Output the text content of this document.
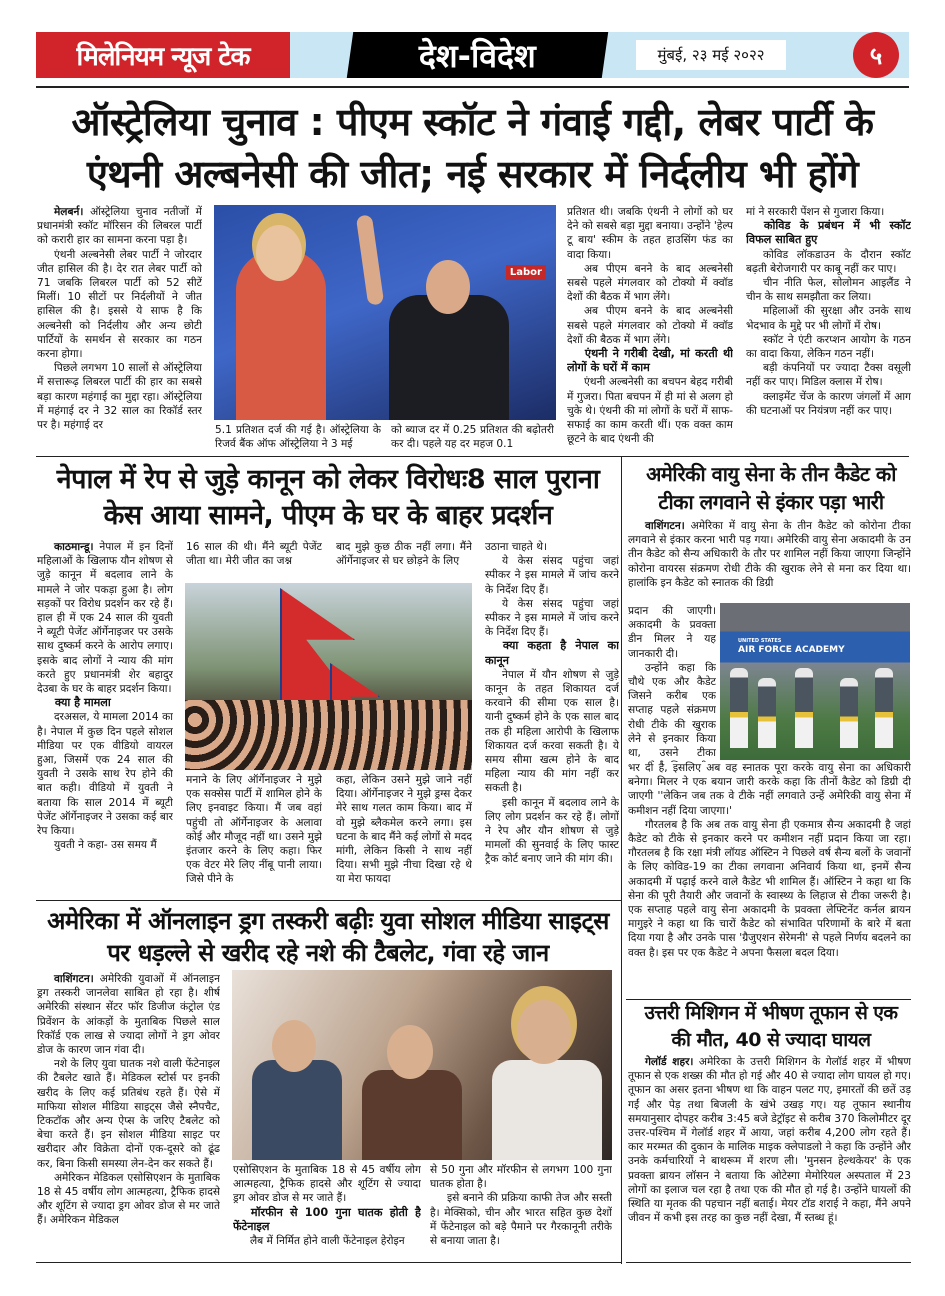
मिलेनियम न्यूज टेक	देश-विदेश	मुंबई, २३ मई २०२२	५
ऑस्ट्रेलिया चुनाव : पीएम स्कॉट ने गंवाई गद्दी, लेबर पार्टी के
एंथनी अल्बनेसी की जीत; नई सरकार में निर्दलीय भी होंगे

मेलबर्न। ऑस्ट्रेलिया चुनाव नतीजों में प्रधानमंत्री स्कॉट मॉरिसन की लिबरल पार्टी को करारी हार का सामना करना पड़ा है।

एंथनी अल्बनेसी लेबर पार्टी ने जोरदार जीत हासिल की है। देर रात लेबर पार्टी को 71 जबकि लिबरल पार्टी को 52 सीटें मिलीं। 10 सीटों पर निर्दलीयों ने जीत हासिल की है। इससे ये साफ है कि अल्बनेसी को निर्दलीय और अन्य छोटी पार्टियों के समर्थन से सरकार का गठन करना होगा।

पिछले लगभग 10 सालों से ऑस्ट्रेलिया में सत्तारूढ़ लिबरल पार्टी की हार का सबसे बड़ा कारण महंगाई का मुद्दा रहा। ऑस्ट्रेलिया में महंगाई दर ने 32 साल का रिकॉर्ड स्तर पर है। महंगाई दर

Labor

5.1 प्रतिशत दर्ज की गई है। ऑस्ट्रेलिया के रिजर्व बैंक ऑफ ऑस्ट्रेलिया ने 3 मई

को ब्याज दर में 0.25 प्रतिशत की बढ़ोतरी कर दी। पहले यह दर महज 0.1

प्रतिशत थी। जबकि एंथनी ने लोगों को घर देने को सबसे बड़ा मुद्दा बनाया। उन्होंने 'हेल्प टू बाय' स्कीम के तहत हाउसिंग फंड का वादा किया।

अब पीएम बनने के बाद अल्बनेसी सबसे पहले मंगलवार को टोक्यो में क्वॉड देशों की बैठक में भाग लेंगे।

अब पीएम बनने के बाद अल्बनेसी सबसे पहले मंगलवार को टोक्यो में क्वॉड देशों की बैठक में भाग लेंगे।

एंथनी ने गरीबी देखी, मां करती थी लोगों के घरों में काम

एंथनी अल्बनेसी का बचपन बेहद गरीबी में गुजरा। पिता बचपन में ही मां से अलग हो चुके थे। एंथनी की मां लोगों के घरों में साफ-सफाई का काम करती थीं। एक वक्त काम छूटने के बाद एंथनी की

मां ने सरकारी पेंशन से गुजारा किया।

कोविड के प्रबंधन में भी स्कॉट विफल साबित हुए

कोविड लॉकडाउन के दौरान स्कॉट बढ़ती बेरोजगारी पर काबू नहीं कर पाए।

चीन नीति फेल, सोलोमन आइलैंड ने चीन के साथ समझौता कर लिया।

महिलाओं की सुरक्षा और उनके साथ भेदभाव के मुद्दे पर भी लोगों में रोष।

स्कॉट ने एंटी करप्शन आयोग के गठन का वादा किया, लेकिन गठन नहीं।

बड़ी कंपनियों पर ज्यादा टैक्स वसूली नहीं कर पाए। मिडिल क्लास में रोष।

क्लाइमेंट चेंज के कारण जंगलों में आग की घटनाओं पर नियंत्रण नहीं कर पाए।

नेपाल में रेप से जुड़े कानून को लेकर विरोधः8 साल पुराना
केस आया सामने, पीएम के घर के बाहर प्रदर्शन

काठमान्डू। नेपाल में इन दिनों महिलाओं के खिलाफ यौन शोषण से जुड़े कानून में बदलाव लाने के मामले ने जोर पकड़ा हुआ है। लोग सड़कों पर विरोध प्रदर्शन कर रहे हैं। हाल ही में एक 24 साल की युवती ने ब्यूटी पेजेंट ऑर्गेनाइजर पर उसके साथ दुष्कर्म करने के आरोप लगाए। इसके बाद लोगों ने न्याय की मांग करते हुए प्रधानमंत्री शेर बहादुर देउबा के घर के बाहर प्रदर्शन किया।

क्या है मामला

दरअसल, ये मामला 2014 का है। नेपाल में कुछ दिन पहले सोशल मीडिया पर एक वीडियो वायरल हुआ, जिसमें एक 24 साल की युवती ने उसके साथ रेप होने की बात कही। वीडियो में युवती ने बताया कि साल 2014 में ब्यूटी पेजेंट ऑर्गेनाइजर ने उसका कई बार रेप किया।

युवती ने कहा- उस समय मैं

16 साल की थी। मैंने ब्यूटी पेजेंट जीता था। मेरी जीत का जश्न

बाद मुझे कुछ ठीक नहीं लगा। मैंने ऑर्गेनाइजर से घर छोड़ने के लिए

मनाने के लिए ऑर्गेनाइजर ने मुझे एक सक्सेस पार्टी में शामिल होने के लिए इनवाइट किया। मैं जब वहां पहुंची तो ऑर्गेनाइजर के अलावा कोई और मौजूद नहीं था। उसने मुझे इंतजार करने के लिए कहा। फिर एक वेटर मेरे लिए नींबू पानी लाया। जिसे पीने के

कहा, लेकिन उसने मुझे जाने नहीं दिया। ऑर्गेनाइजर ने मुझे ड्रग्स देकर मेरे साथ गलत काम किया। बाद में वो मुझे ब्लैकमेल करने लगा। इस घटना के बाद मैंने कई लोगों से मदद मांगी, लेकिन किसी ने साथ नहीं दिया। सभी मुझे नीचा दिखा रहे थे या मेरा फायदा

उठाना चाहते थे।

ये केस संसद पहुंचा जहां स्पीकर ने इस मामले में जांच करने के निर्देश दिए हैं।

ये केस संसद पहुंचा जहां स्पीकर ने इस मामले में जांच करने के निर्देश दिए हैं।

क्या कहता है नेपाल का कानून

नेपाल में यौन शोषण से जुड़े कानून के तहत शिकायत दर्ज करवाने की सीमा एक साल है। यानी दुष्कर्म होने के एक साल बाद तक ही महिला आरोपी के खिलाफ शिकायत दर्ज करवा सकती है। ये समय सीमा खत्म होने के बाद महिला न्याय की मांग नहीं कर सकती है।

इसी कानून में बदलाव लाने के लिए लोग प्रदर्शन कर रहे हैं। लोगों ने रेप और यौन शोषण से जुड़े मामलों की सुनवाई के लिए फास्ट ट्रैक कोर्ट बनाए जाने की मांग की।

अमेरिकी वायु सेना के तीन कैडेट को
टीका लगवाने से इंकार पड़ा भारी

वाशिंगटन। अमेरिका में वायु सेना के तीन कैडेट को कोरोना टीका लगवाने से इंकार करना भारी पड़ गया। अमेरिकी वायु सेना अकादमी के उन तीन कैडेट को सैन्य अधिकारी के तौर पर शामिल नहीं किया जाएगा जिन्होंने कोरोना वायरस संक्रमण रोधी टीके की खुराक लेने से मना कर दिया था। हालांकि इन कैडेट को स्नातक की डिग्री

प्रदान की जाएगी। अकादमी के प्रवक्ता डीन मिलर ने यह जानकारी दी।

उन्होंने कहा कि चौथे एक और कैडेट जिसने करीब एक सप्ताह पहले संक्रमण रोधी टीके की खुराक लेने से इनकार किया था, उसने टीका

UNITED STATES
AIR FORCE ACADEMY

भर दी है, इसलिए अब वह स्नातक पूरा करके वायु सेना का अधिकारी बनेगा। मिलर ने एक बयान जारी करके कहा कि तीनों कैडेट को डिग्री दी जाएगी ''लेकिन जब तक वे टीके नहीं लगवाते उन्हें अमेरिकी वायु सेना में कमीशन नहीं दिया जाएगा।'

गौरतलब है कि अब तक वायु सेना ही एकमात्र सैन्य अकादमी है जहां कैडेट को टीके से इनकार करने पर कमीशन नहीं प्रदान किया जा रहा। गौरतलब है कि रक्षा मंत्री लॉयड ऑस्टिन ने पिछले वर्ष सैन्य बलों के जवानों के लिए कोविड-19 का टीका लगवाना अनिवार्य किया था, इनमें सैन्य अकादमी में पढ़ाई करने वाले कैडेट भी शामिल हैं। ऑस्टिन ने कहा था कि सेना की पूरी तैयारी और जवानों के स्वास्थ्य के लिहाज से टीका जरूरी है। एक सप्ताह पहले वायु सेना अकादमी के प्रवक्ता लेफ्टिनेंट कर्नल ब्रायन मागुइरे ने कहा था कि चारों कैडेट को संभावित परिणामों के बारे में बता दिया गया है और उनके पास 'ग्रैजुएशन सेरेमनी' से पहले निर्णय बदलने का वक्त है। इस पर एक कैडेट ने अपना फैसला बदल दिया।

अमेरिका में ऑनलाइन ड्रग तस्करी बढ़ीः युवा सोशल मीडिया साइट्स
पर धड़ल्ले से खरीद रहे नशे की टैबलेट, गंवा रहे जान

वाशिंगटन। अमेरिकी युवाओं में ऑनलाइन ड्रग तस्करी जानलेवा साबित हो रहा है। शीर्ष अमेरिकी संस्थान सेंटर फॉर डिजीज कंट्रोल एंड प्रिवेंशन के आंकड़ों के मुताबिक पिछले साल रिकॉर्ड एक लाख से ज्यादा लोगों ने ड्रग ओवर डोज के कारण जान गंवा दी।

नशे के लिए युवा घातक नशे वाली फेंटेनाइल की टैबलेट खाते हैं। मेडिकल स्टोर्स पर इनकी खरीद के लिए कई प्रतिबंध रहते हैं। ऐसे में माफिया सोशल मीडिया साइट्स जैसे स्नैपचैट, टिकटॉक और अन्य ऐप्स के जरिए टैबलेट को बेचा करते हैं। इन सोशल मीडिया साइट पर खरीदार और विक्रेता दोनों एक-दूसरे को ढूंढ कर, बिना किसी समस्या लेन-देन कर सकते हैं।

अमेरिकन मेडिकल एसोसिएशन के मुताबिक 18 से 45 वर्षीय लोग आत्महत्या, ट्रैफिक हादसे और शूटिंग से ज्यादा ड्रग ओवर डोज से मर जाते हैं। अमेरिकन मेडिकल

एसोसिएशन के मुताबिक 18 से 45 वर्षीय लोग आत्महत्या, ट्रैफिक हादसे और शूटिंग से ज्यादा ड्रग ओवर डोज से मर जाते हैं।

मॉरफीन से 100 गुना घातक होती है फेंटेनाइल

लैब में निर्मित होने वाली फेंटेनाइल हेरोइन

से 50 गुना और मॉरफीन से लगभग 100 गुना घातक होता है।

इसे बनाने की प्रक्रिया काफी तेज और सस्ती है। मेक्सिको, चीन और भारत सहित कुछ देशों में फेंटेनाइल को बड़े पैमाने पर गैरकानूनी तरीके से बनाया जाता है।

उत्तरी मिशिगन में भीषण तूफान से एक
की मौत, 40 से ज्यादा घायल

गेलॉर्ड शहर। अमेरिका के उत्तरी मिशिगन के गेलॉर्ड शहर में भीषण तूफान से एक शख्स की मौत हो गई और 40 से ज्यादा लोग घायल हो गए। तूफान का असर इतना भीषण था कि वाहन पलट गए, इमारतों की छतें उड़ गईं और पेड़ तथा बिजली के खंभे उखड़ गए। यह तूफान स्थानीय समयानुसार दोपहर करीब 3:45 बजे डेट्रॉइट से करीब 370 किलोमीटर दूर उत्तर-पश्चिम में गेलॉर्ड शहर में आया, जहां करीब 4,200 लोग रहते हैं। कार मरम्मत की दुकान के मालिक माइक क्लेपाडलो ने कहा कि उन्होंने और उनके कर्मचारियों ने बाथरूम में शरण ली। 'मुनसन हेल्थकेयर' के एक प्रवक्ता ब्रायन लॉसन ने बताया कि ओटेस्गा मेमोरियल अस्पताल में 23 लोगों का इलाज चल रहा है तथा एक की मौत हो गई है। उन्होंने घायलों की स्थिति या मृतक की पहचान नहीं बताई। मेयर टॉड शराई ने कहा, मैंने अपने जीवन में कभी इस तरह का कुछ नहीं देखा, मैं स्तब्ध हूं।
